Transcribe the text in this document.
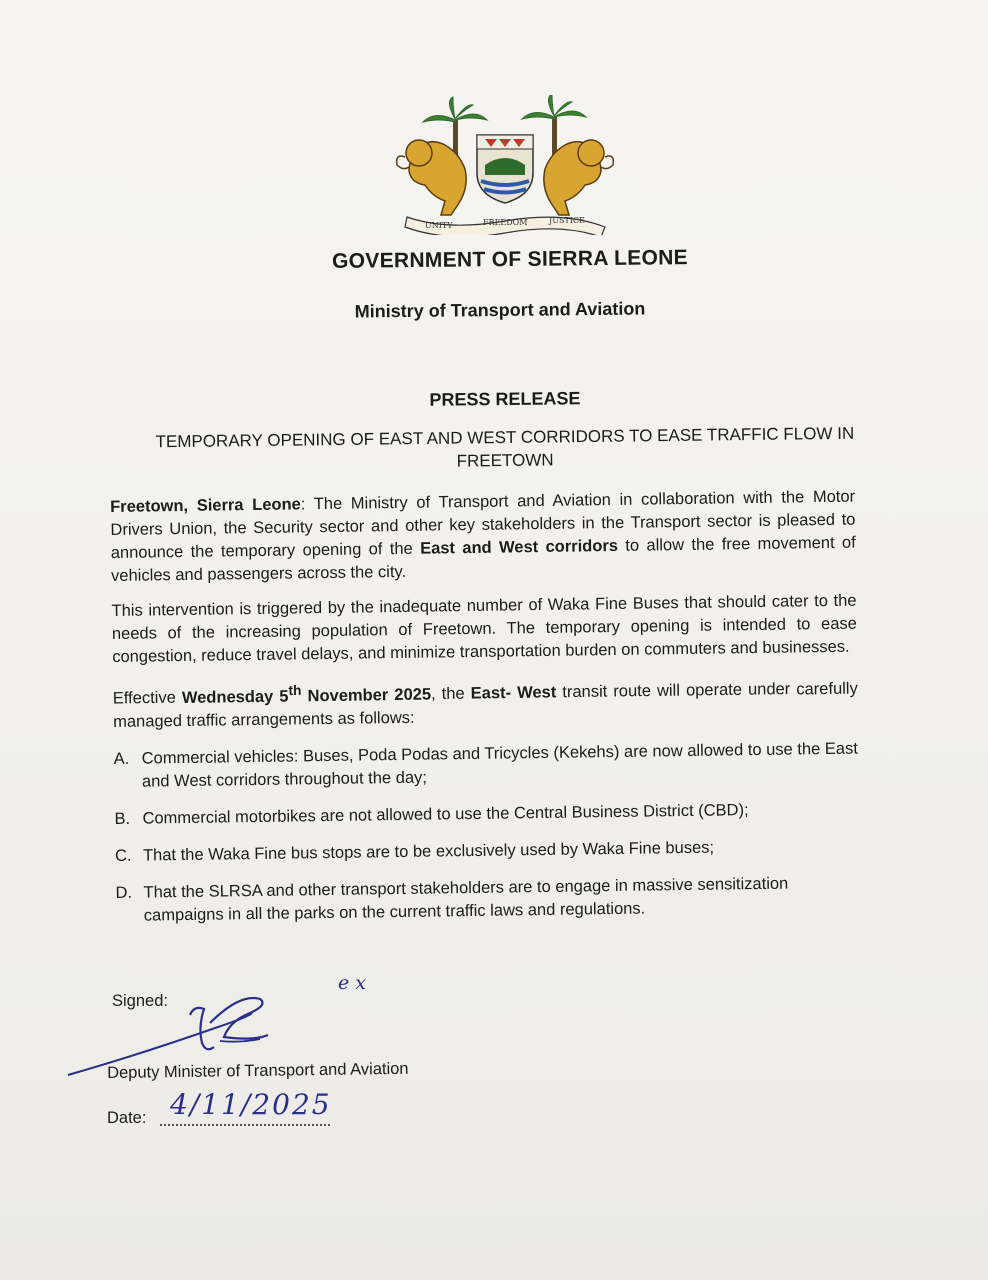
UNITY	FREEDOM	JUSTICE
GOVERNMENT OF SIERRA LEONE
Ministry of Transport and Aviation
PRESS RELEASE
TEMPORARY OPENING OF EAST AND WEST CORRIDORS TO EASE TRAFFIC FLOW IN FREETOWN

Freetown, Sierra Leone: The Ministry of Transport and Aviation in collaboration with the Motor Drivers Union, the Security sector and other key stakeholders in the Transport sector is pleased to announce the temporary opening of the East and West corridors to allow the free movement of vehicles and passengers across the city.

This intervention is triggered by the inadequate number of Waka Fine Buses that should cater to the needs of the increasing population of Freetown. The temporary opening is intended to ease congestion, reduce travel delays, and minimize transportation burden on commuters and businesses.

Effective Wednesday 5th November 2025, the East- West transit route will operate under carefully managed traffic arrangements as follows:

A. Commercial vehicles: Buses, Poda Podas and Tricycles (Kekehs) are now allowed to use the East and West corridors throughout the day;
B. Commercial motorbikes are not allowed to use the Central Business District (CBD);
C. That the Waka Fine bus stops are to be exclusively used by Waka Fine buses;
D. That the SLRSA and other transport stakeholders are to engage in massive sensitization campaigns in all the parks on the current traffic laws and regulations.
Signed:
e x
Deputy Minister of Transport and Aviation
Date: 4/11/2025
